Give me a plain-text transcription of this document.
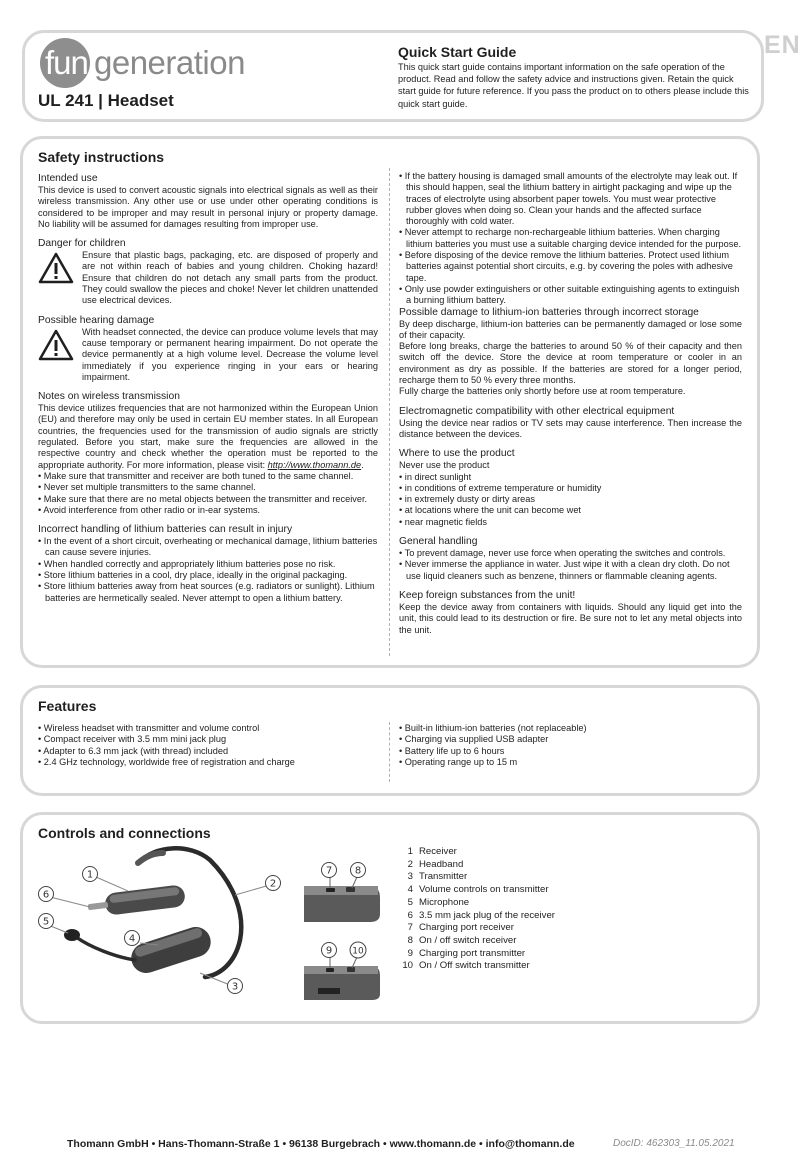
EN
fun generation
UL 241 | Headset
Quick Start Guide
This quick start guide contains important information on the safe operation of the product. Read and follow the safety advice and instructions given. Retain the quick start guide for future reference. If you pass the product on to others please include this quick start guide.
Safety instructions
Intended use

This device is used to convert acoustic signals into electrical signals as well as their wireless transmission. Any other use or use under other operating conditions is considered to be improper and may result in personal injury or property damage. No liability will be assumed for damages resulting from improper use.

Danger for children

Ensure that plastic bags, packaging, etc. are disposed of properly and are not within reach of babies and young children. Choking hazard! Ensure that children do not detach any small parts from the product. They could swallow the pieces and choke! Never let children unattended use electrical devices.

Possible hearing damage

With headset connected, the device can produce volume levels that may cause temporary or permanent hearing impairment. Do not operate the device permanently at a high volume level. Decrease the volume level immediately if you experience ringing in your ears or hearing impairment.

Notes on wireless transmission

This device utilizes frequencies that are not harmonized within the European Union (EU) and therefore may only be used in certain EU member states. In all European countries, the frequencies used for the transmission of audio signals are strictly regulated. Before you start, make sure the frequencies are allowed in the respective country and check whether the operation must be reported to the appropriate authority. For more information, please visit: http://www.thomann.de.

• Make sure that transmitter and receiver are both tuned to the same channel.
• Never set multiple transmitters to the same channel.
• Make sure that there are no metal objects between the transmitter and receiver.
• Avoid interference from other radio or in-ear systems.
Incorrect handling of lithium batteries can result in injury
• In the event of a short circuit, overheating or mechanical damage, lithium batteries can cause severe injuries.
• When handled correctly and appropriately lithium batteries pose no risk.
• Store lithium batteries in a cool, dry place, ideally in the original packaging.
• Store lithium batteries away from heat sources (e.g. radiators or sunlight). Lithium batteries are hermetically sealed. Never attempt to open a lithium battery.
• If the battery housing is damaged small amounts of the electrolyte may leak out. If this should happen, seal the lithium battery in airtight packaging and wipe up the traces of electrolyte using absorbent paper towels. You must wear protective rubber gloves when doing so. Clean your hands and the affected surface thoroughly with cold water.
• Never attempt to recharge non-rechargeable lithium batteries. When charging lithium batteries you must use a suitable charging device intended for the purpose.
• Before disposing of the device remove the lithium batteries. Protect used lithium batteries against potential short circuits, e.g. by covering the poles with adhesive tape.
• Only use powder extinguishers or other suitable extinguishing agents to extinguish a burning lithium battery.
Possible damage to lithium-ion batteries through incorrect storage

By deep discharge, lithium-ion batteries can be permanently damaged or lose some of their capacity.

Before long breaks, charge the batteries to around 50 % of their capacity and then switch off the device. Store the device at room temperature or cooler in an environment as dry as possible. If the batteries are stored for a longer period, recharge them to 50 % every three months.

Fully charge the batteries only shortly before use at room temperature.

Electromagnetic compatibility with other electrical equipment

Using the device near radios or TV sets may cause interference. Then increase the distance between the devices.

Where to use the product

Never use the product

• in direct sunlight
• in conditions of extreme temperature or humidity
• in extremely dusty or dirty areas
• at locations where the unit can become wet
• near magnetic fields
General handling
• To prevent damage, never use force when operating the switches and controls.
• Never immerse the appliance in water. Just wipe it with a clean dry cloth. Do not use liquid cleaners such as benzene, thinners or flammable cleaning agents.
Keep foreign substances from the unit!

Keep the device away from containers with liquids. Should any liquid get into the unit, this could lead to its destruction or fire. Be sure not to let any metal objects into the unit.

Features
• Wireless headset with transmitter and volume control
• Compact receiver with 3.5 mm mini jack plug
• Adapter to 6.3 mm jack (with thread) included
• 2.4 GHz technology, worldwide free of registration and charge
• Built-in lithium-ion batteries (not replaceable)
• Charging via supplied USB adapter
• Battery life up to 6 hours
• Operating range up to 15 m
Controls and connections
1
2
3
4
5
6
7 8
9 10
1 Receiver
2 Headband
3 Transmitter
4 Volume controls on transmitter
5 Microphone
6 3.5 mm jack plug of the receiver
7 Charging port receiver
8 On / off switch receiver
9 Charging port transmitter
10 On / Off switch transmitter
Thomann GmbH • Hans-Thomann-Straße 1 • 96138 Burgebrach • www.thomann.de • info@thomann.de	DocID: 462303_11.05.2021
